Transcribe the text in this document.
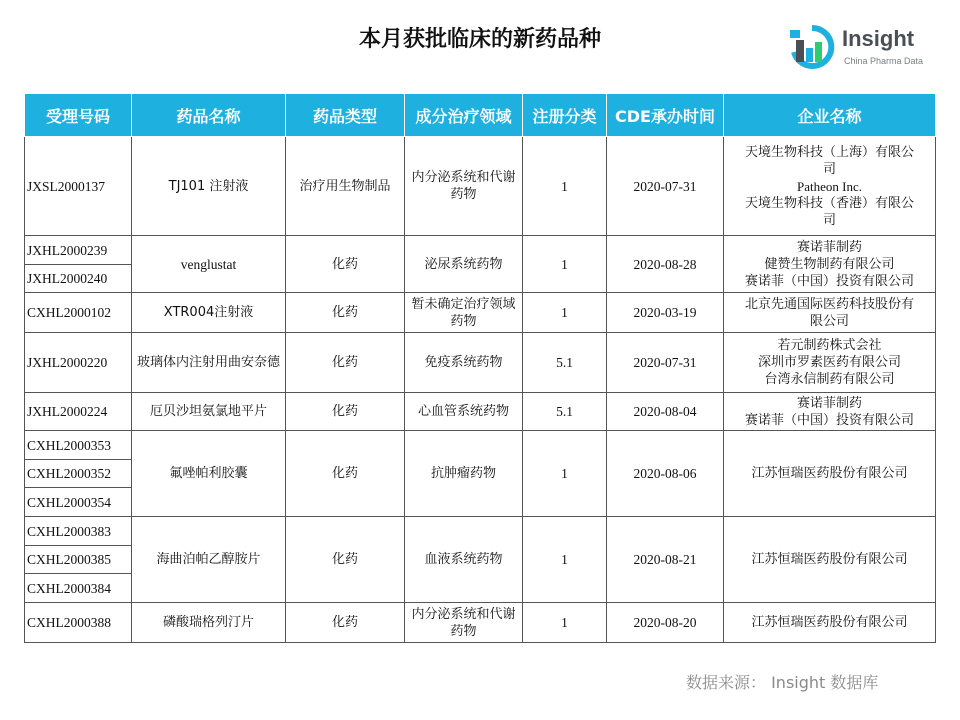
本月获批临床的新药品种	Insight
China Pharma Data
受理号码	药品名称	药品类型	成分治疗领域	注册分类	CDE承办时间	企业名称
JXSL2000137	TJ101 注射液	治疗用生物制品	内分泌系统和代谢药物	1	2020-07-31	天境生物科技（上海）有限公
司
Patheon Inc.
天境生物科技（香港）有限公
司

JXHL2000239	venglustat	化药	泌尿系统药物	1	2020-08-28	赛诺菲制药
健赞生物制药有限公司
赛诺菲（中国）投资有限公司

JXHL2000240						
CXHL2000102	XTR004注射液	化药	暂未确定治疗领域药物	1	2020-03-19	北京先通国际医药科技股份有
限公司

JXHL2000220	玻璃体内注射用曲安奈德	化药	免疫系统药物	5.1	2020-07-31	若元制药株式会社
深圳市罗素医药有限公司
台湾永信制药有限公司

JXHL2000224	厄贝沙坦氨氯地平片	化药	心血管系统药物	5.1	2020-08-04	赛诺菲制药
赛诺菲（中国）投资有限公司

CXHL2000353	氟唑帕利胶囊	化药	抗肿瘤药物	1	2020-08-06	江苏恒瑞医药股份有限公司

CXHL2000352						
CXHL2000354						
CXHL2000383	海曲泊帕乙醇胺片	化药	血液系统药物	1	2020-08-21	江苏恒瑞医药股份有限公司

CXHL2000385						
CXHL2000384						
CXHL2000388	磷酸瑞格列汀片	化药	内分泌系统和代谢药物	1	2020-08-20	江苏恒瑞医药股份有限公司
数据来源： Insight 数据库
